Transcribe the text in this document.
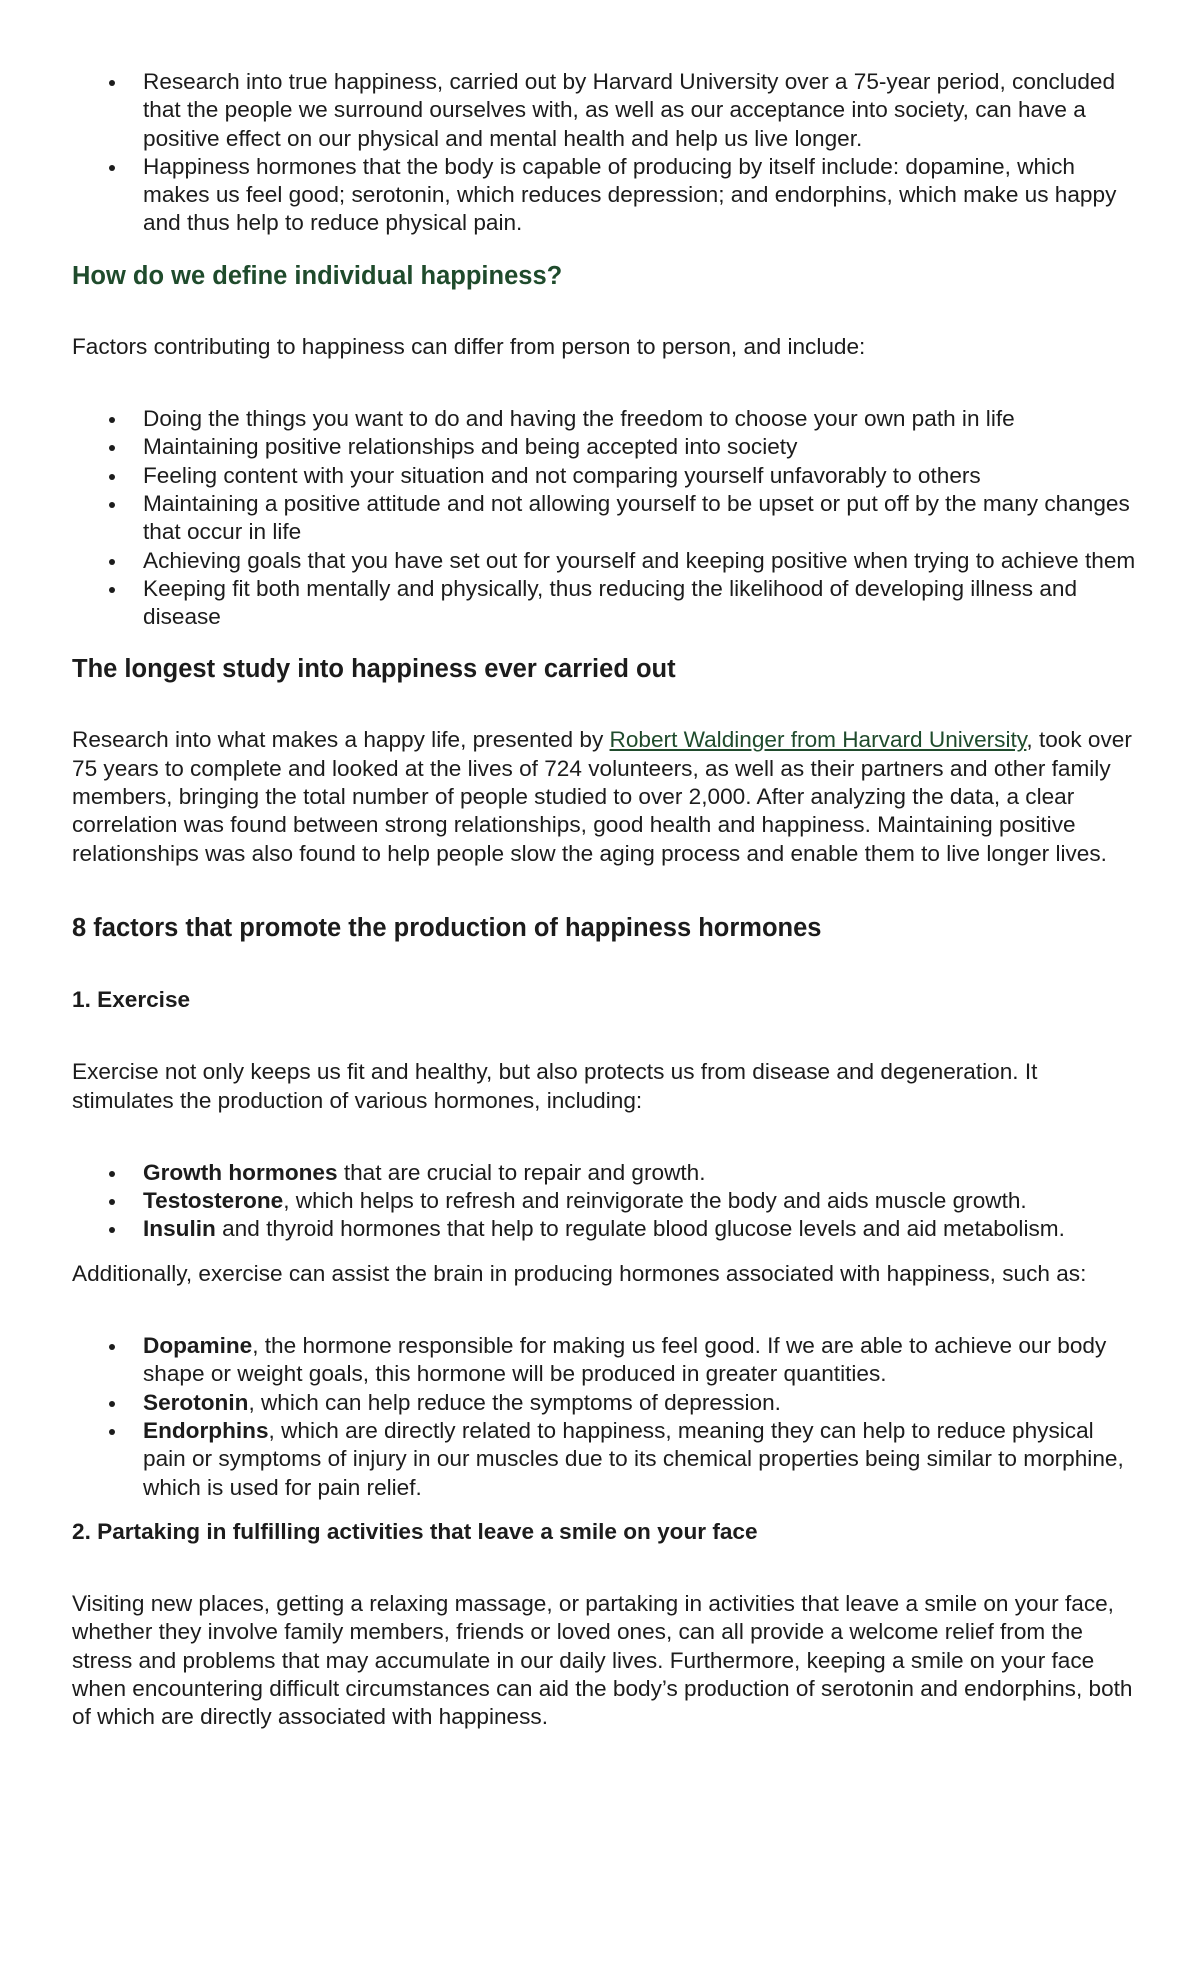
Research into true happiness, carried out by Harvard University over a 75-year period, concluded that the people we surround ourselves with, as well as our acceptance into society, can have a positive effect on our physical and mental health and help us live longer.
Happiness hormones that the body is capable of producing by itself include: dopamine, which makes us feel good; serotonin, which reduces depression; and endorphins, which make us happy and thus help to reduce physical pain.

How do we define individual happiness?

Factors contributing to happiness can differ from person to person, and include:

Doing the things you want to do and having the freedom to choose your own path in life
Maintaining positive relationships and being accepted into society
Feeling content with your situation and not comparing yourself unfavorably to others
Maintaining a positive attitude and not allowing yourself to be upset or put off by the many changes that occur in life
Achieving goals that you have set out for yourself and keeping positive when trying to achieve them
Keeping fit both mentally and physically, thus reducing the likelihood of developing illness and disease

The longest study into happiness ever carried out

Research into what makes a happy life, presented by Robert Waldinger from Harvard University, took over 75 years to complete and looked at the lives of 724 volunteers, as well as their partners and other family members, bringing the total number of people studied to over 2,000. After analyzing the data, a clear correlation was found between strong relationships, good health and happiness. Maintaining positive relationships was also found to help people slow the aging process and enable them to live longer lives.

8 factors that promote the production of happiness hormones

1. Exercise

Exercise not only keeps us fit and healthy, but also protects us from disease and degeneration. It stimulates the production of various hormones, including:

Growth hormones that are crucial to repair and growth.
Testosterone, which helps to refresh and reinvigorate the body and aids muscle growth.
Insulin and thyroid hormones that help to regulate blood glucose levels and aid metabolism.

Additionally, exercise can assist the brain in producing hormones associated with happiness, such as:

Dopamine, the hormone responsible for making us feel good. If we are able to achieve our body shape or weight goals, this hormone will be produced in greater quantities.
Serotonin, which can help reduce the symptoms of depression.
Endorphins, which are directly related to happiness, meaning they can help to reduce physical pain or symptoms of injury in our muscles due to its chemical properties being similar to morphine, which is used for pain relief.

2. Partaking in fulfilling activities that leave a smile on your face

Visiting new places, getting a relaxing massage, or partaking in activities that leave a smile on your face, whether they involve family members, friends or loved ones, can all provide a welcome relief from the stress and problems that may accumulate in our daily lives. Furthermore, keeping a smile on your face when encountering difficult circumstances can aid the body’s production of serotonin and endorphins, both of which are directly associated with happiness.
